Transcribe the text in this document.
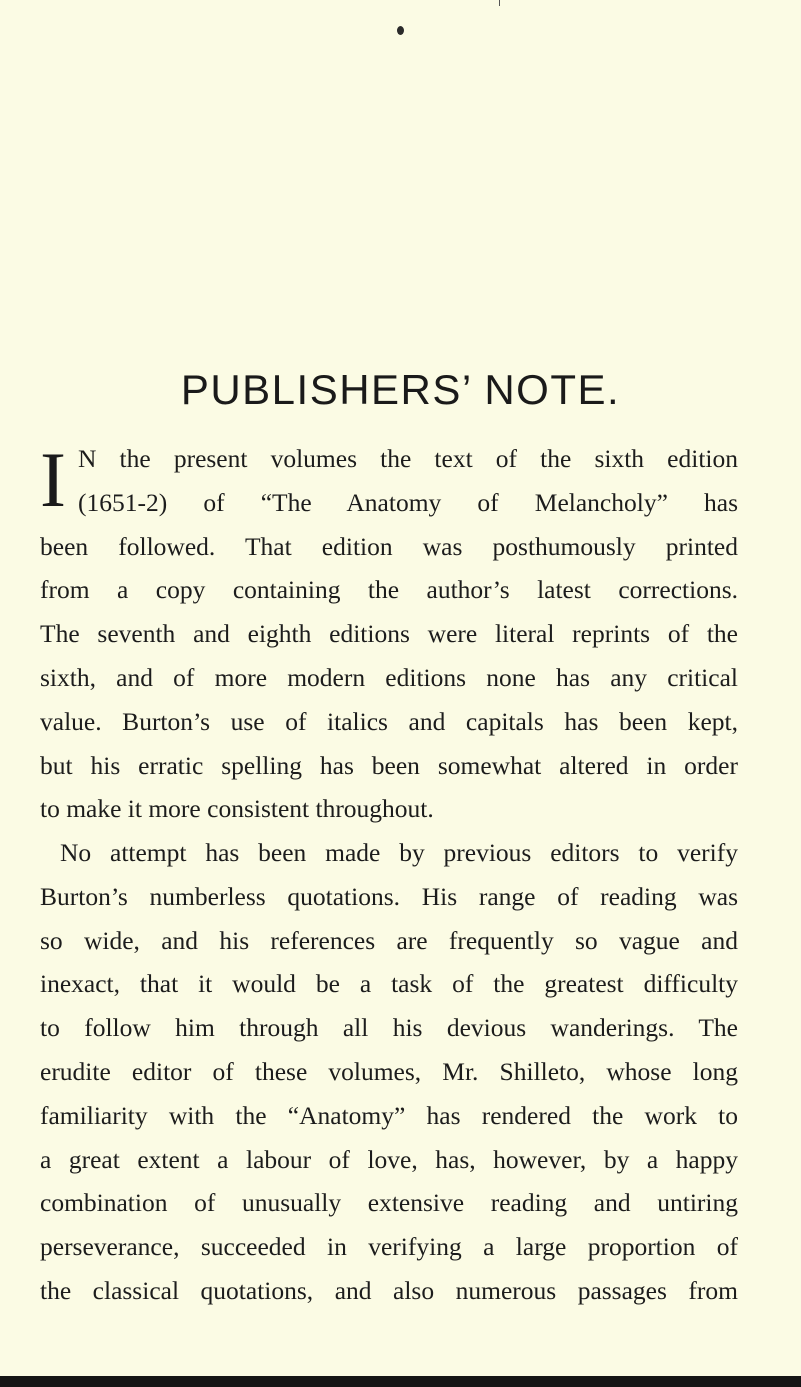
PUBLISHERS’ NOTE.
I N the present volumes the text of the sixth edition
(1651-2) of “The Anatomy of Melancholy” has
been followed. That edition was posthumously printed
from a copy containing the author’s latest corrections.
The seventh and eighth editions were literal reprints of the
sixth, and of more modern editions none has any critical
value. Burton’s use of italics and capitals has been kept,
but his erratic spelling has been somewhat altered in order
to make it more consistent throughout.
No attempt has been made by previous editors to verify
Burton’s numberless quotations. His range of reading was
so wide, and his references are frequently so vague and
inexact, that it would be a task of the greatest difficulty
to follow him through all his devious wanderings. The
erudite editor of these volumes, Mr. Shilleto, whose long
familiarity with the “Anatomy” has rendered the work to
a great extent a labour of love, has, however, by a happy
combination of unusually extensive reading and untiring
perseverance, succeeded in verifying a large proportion of
the classical quotations, and also numerous passages from
